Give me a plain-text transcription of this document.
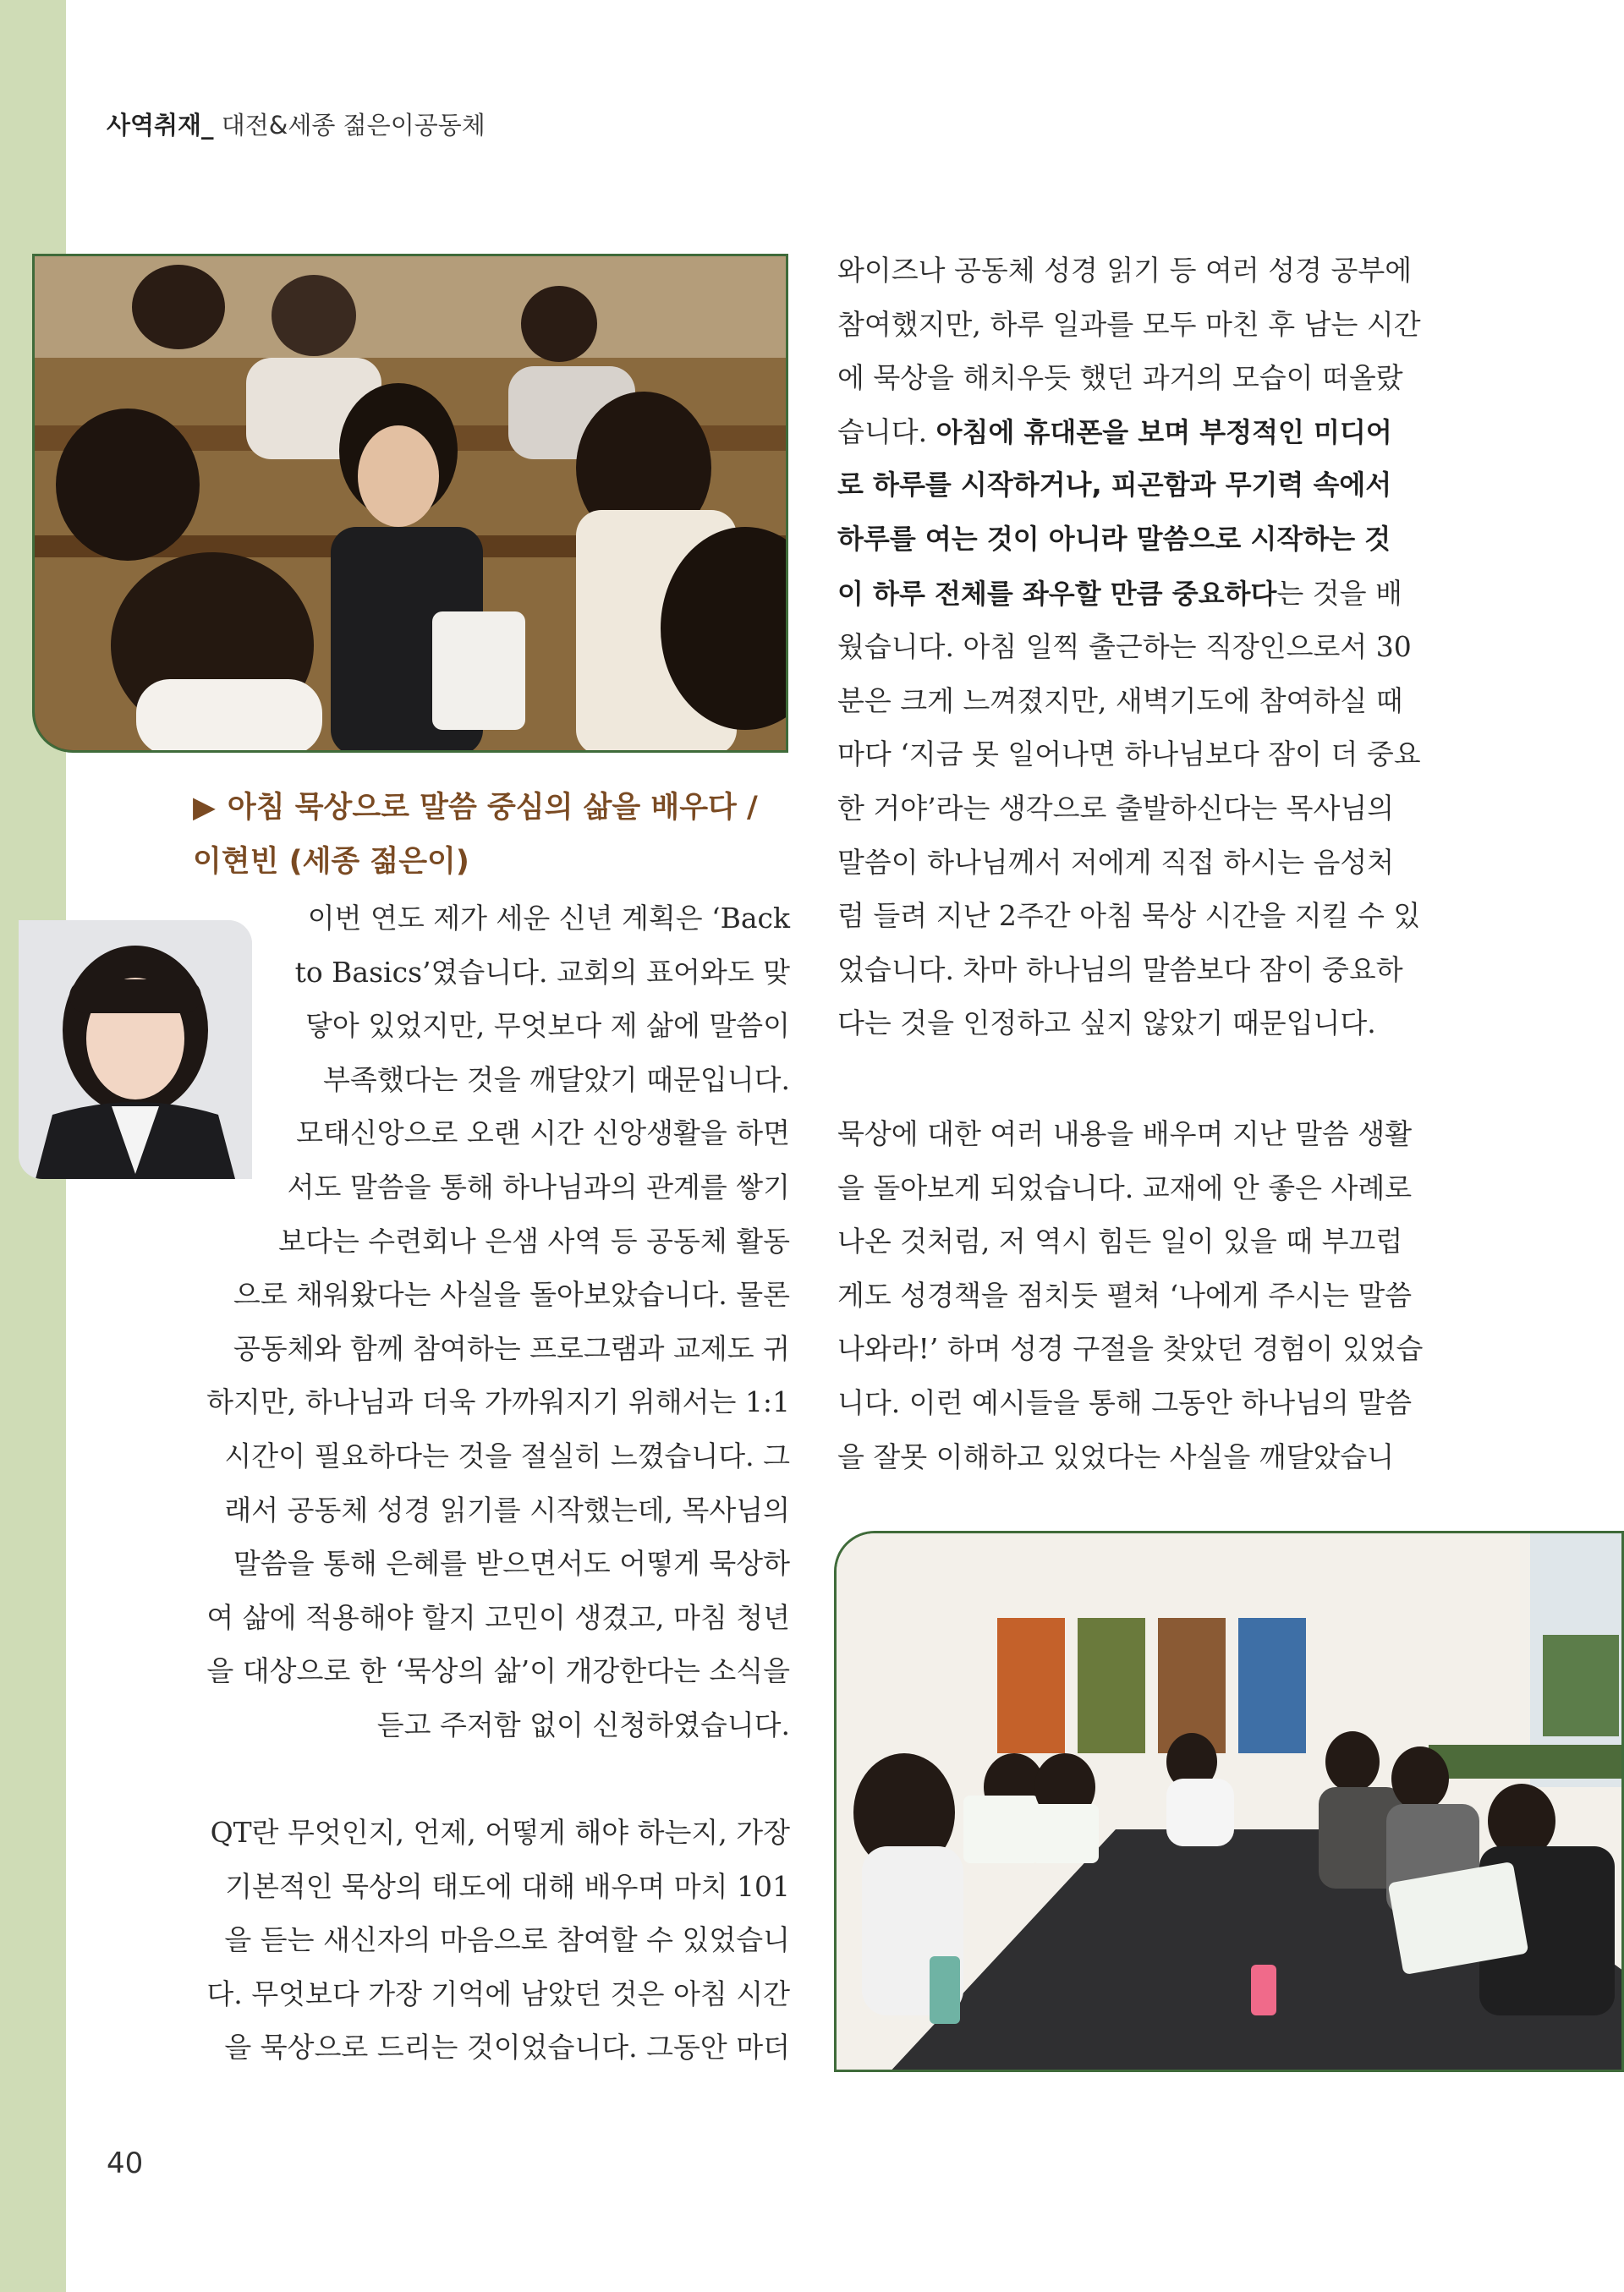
사역취재_ 대전&세종 젊은이공동체
▶ 아침 묵상으로 말씀 중심의 삶을 배우다 /
이현빈 (세종 젊은이)

이번 연도 제가 세운 신년 계획은 ‘Back

to Basics’였습니다. 교회의 표어와도 맞

닿아 있었지만, 무엇보다 제 삶에 말씀이

부족했다는 것을 깨달았기 때문입니다.

모태신앙으로 오랜 시간 신앙생활을 하면

서도 말씀을 통해 하나님과의 관계를 쌓기

보다는 수련회나 은샘 사역 등 공동체 활동

으로 채워왔다는 사실을 돌아보았습니다. 물론

공동체와 함께 참여하는 프로그램과 교제도 귀

하지만, 하나님과 더욱 가까워지기 위해서는 1:1

시간이 필요하다는 것을 절실히 느꼈습니다. 그

래서 공동체 성경 읽기를 시작했는데, 목사님의

말씀을 통해 은혜를 받으면서도 어떻게 묵상하

여 삶에 적용해야 할지 고민이 생겼고, 마침 청년

을 대상으로 한 ‘묵상의 삶’이 개강한다는 소식을

듣고 주저함 없이 신청하였습니다.

QT란 무엇인지, 언제, 어떻게 해야 하는지, 가장

기본적인 묵상의 태도에 대해 배우며 마치 101

을 듣는 새신자의 마음으로 참여할 수 있었습니

다. 무엇보다 가장 기억에 남았던 것은 아침 시간

을 묵상으로 드리는 것이었습니다. 그동안 마더

와이즈나 공동체 성경 읽기 등 여러 성경 공부에

참여했지만, 하루 일과를 모두 마친 후 남는 시간

에 묵상을 해치우듯 했던 과거의 모습이 떠올랐

습니다. 아침에 휴대폰을 보며 부정적인 미디어

로 하루를 시작하거나, 피곤함과 무기력 속에서

하루를 여는 것이 아니라 말씀으로 시작하는 것

이 하루 전체를 좌우할 만큼 중요하다는 것을 배

웠습니다. 아침 일찍 출근하는 직장인으로서 30

분은 크게 느껴졌지만, 새벽기도에 참여하실 때

마다 ‘지금 못 일어나면 하나님보다 잠이 더 중요

한 거야’라는 생각으로 출발하신다는 목사님의

말씀이 하나님께서 저에게 직접 하시는 음성처

럼 들려 지난 2주간 아침 묵상 시간을 지킬 수 있

었습니다. 차마 하나님의 말씀보다 잠이 중요하

다는 것을 인정하고 싶지 않았기 때문입니다.

묵상에 대한 여러 내용을 배우며 지난 말씀 생활

을 돌아보게 되었습니다. 교재에 안 좋은 사례로

나온 것처럼, 저 역시 힘든 일이 있을 때 부끄럽

게도 성경책을 점치듯 펼쳐 ‘나에게 주시는 말씀

나와라!’ 하며 성경 구절을 찾았던 경험이 있었습

니다. 이런 예시들을 통해 그동안 하나님의 말씀

을 잘못 이해하고 있었다는 사실을 깨달았습니

40
